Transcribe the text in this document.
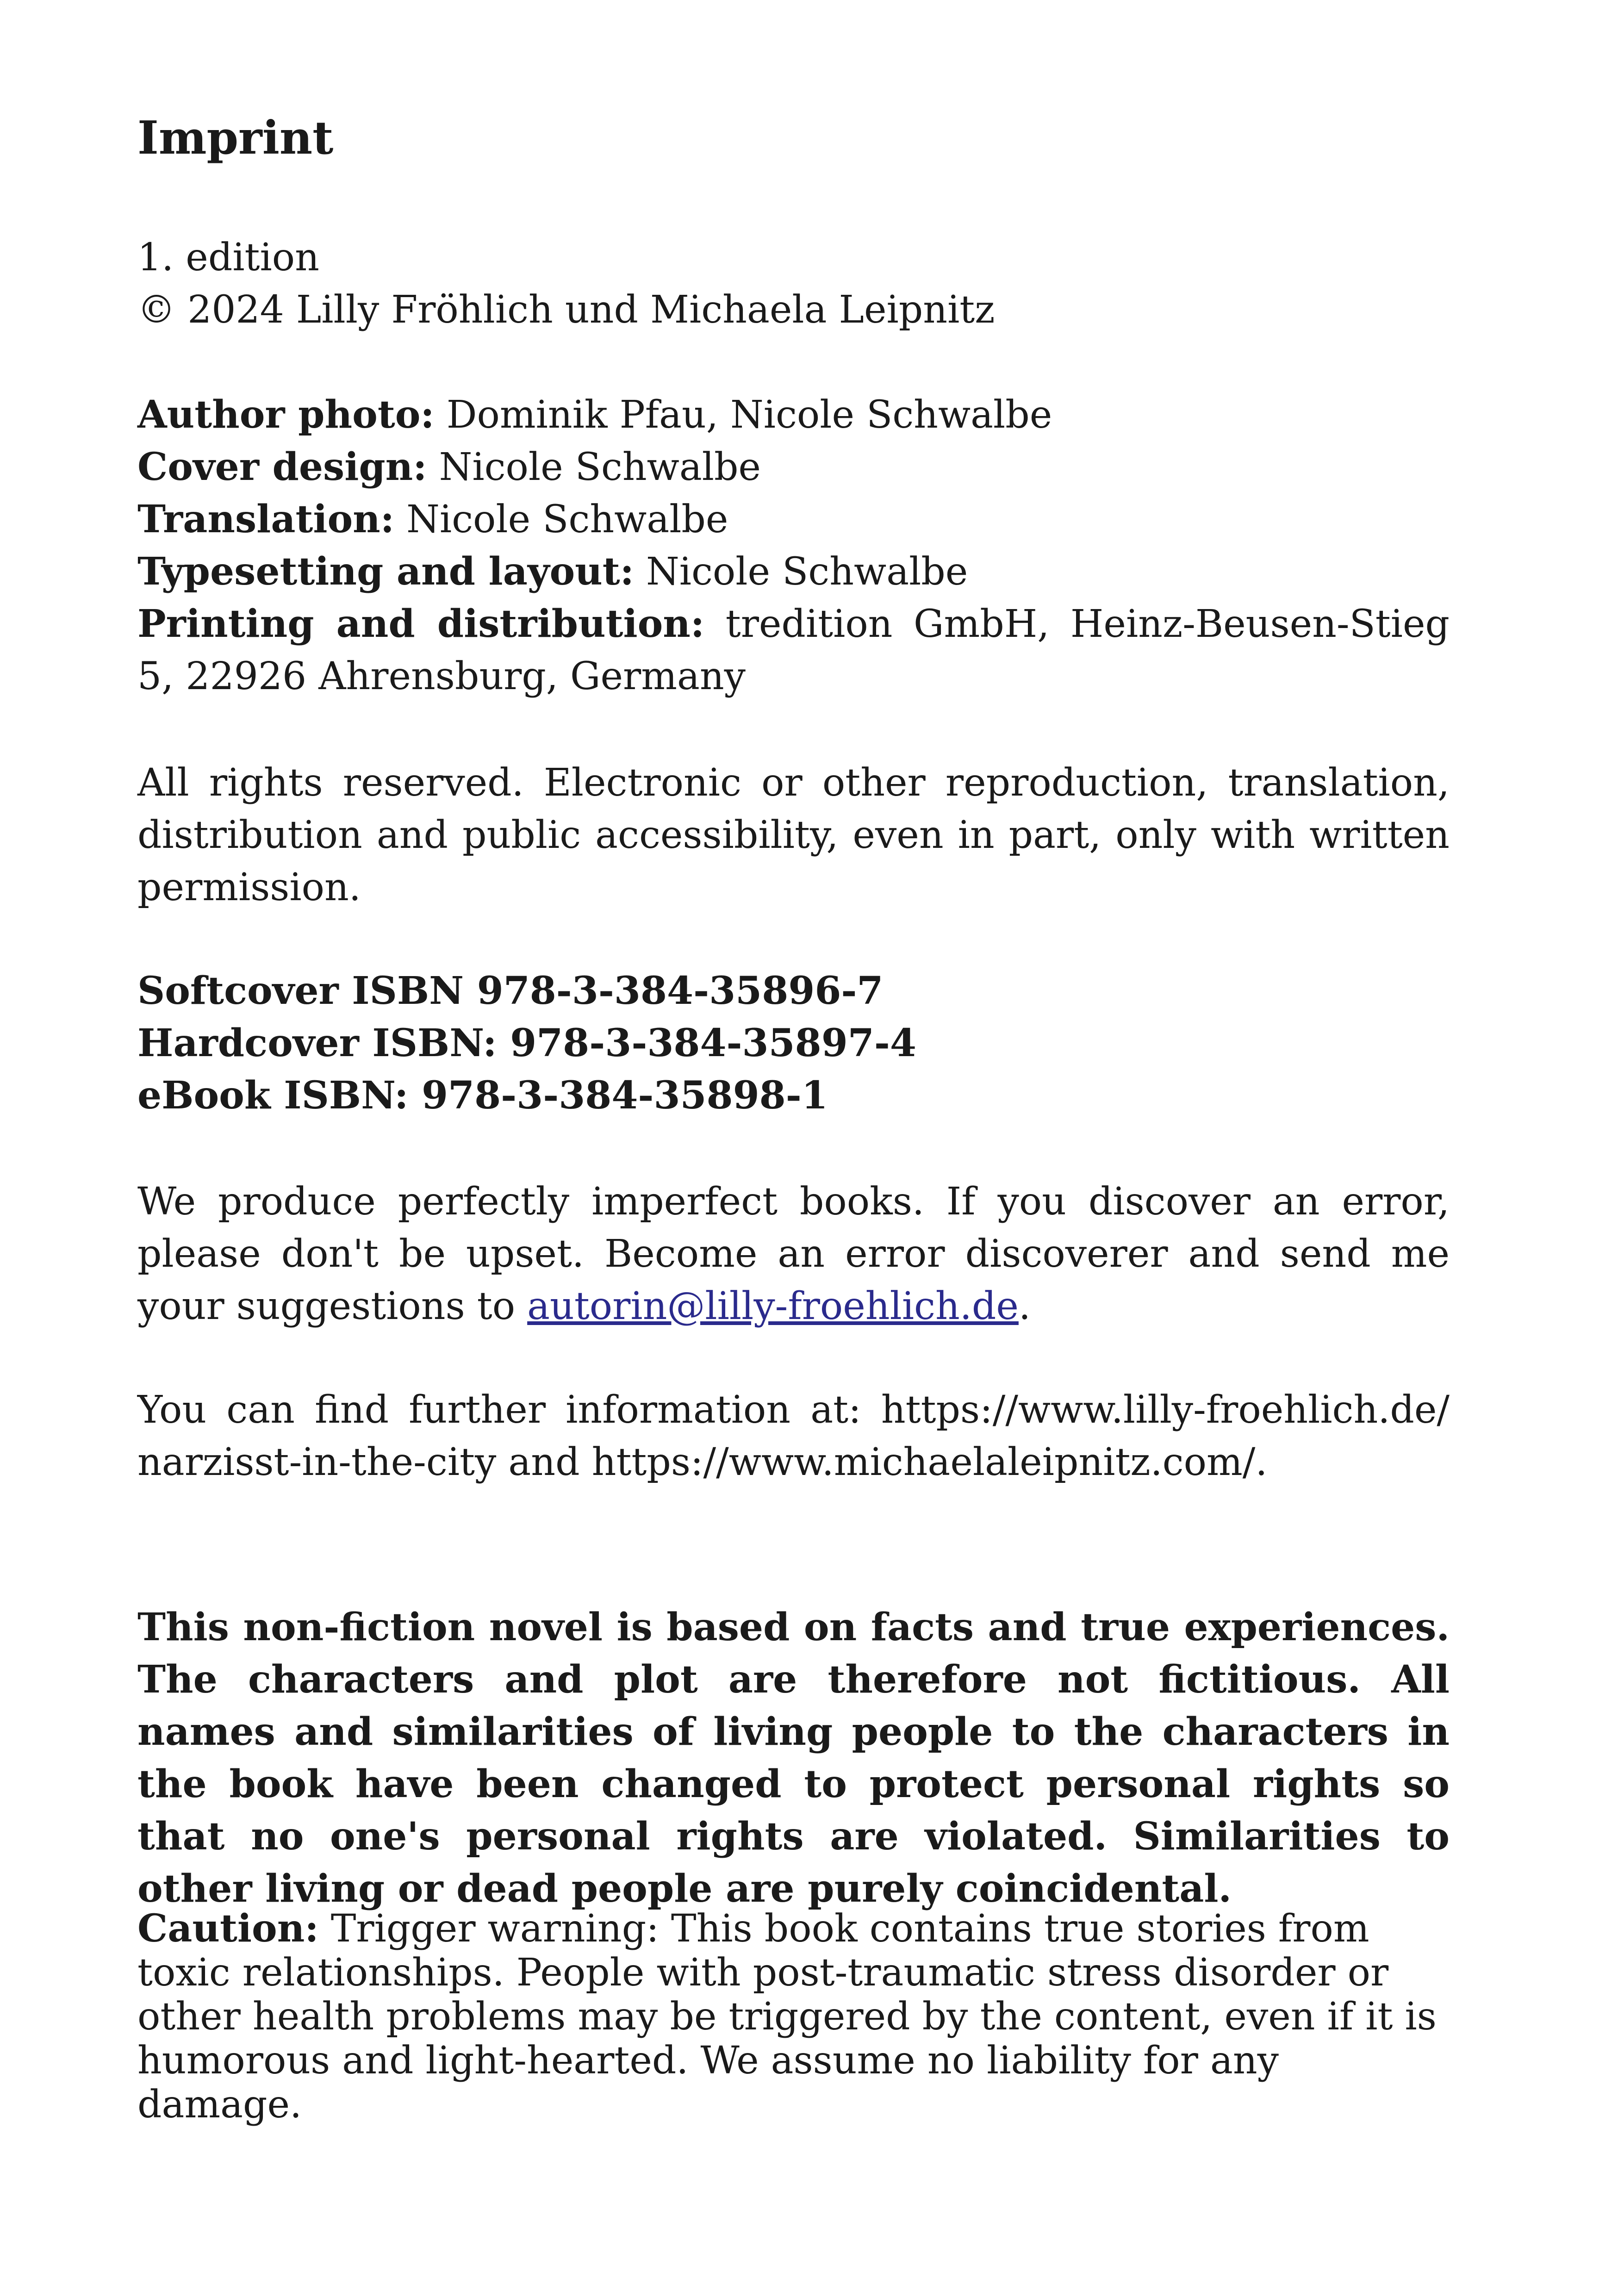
Imprint
1. edition
© 2024 Lilly Fröhlich und Michaela Leipnitz
Author photo: Dominik Pfau, Nicole Schwalbe
Cover design: Nicole Schwalbe
Translation: Nicole Schwalbe
Typesetting and layout: Nicole Schwalbe
Printing and distribution: tredition GmbH, Heinz-Beusen-Stieg 5, 22926 Ahrensburg, Germany

All rights reserved. Electronic or other reproduction, translation, distribution and public accessibility, even in part, only with written permission.

Softcover ISBN 978-3-384-35896-7
Hardcover ISBN: 978-3-384-35897-4
eBook ISBN: 978-3-384-35898-1

We produce perfectly imperfect books. If you discover an error, please don't be upset. Become an error discoverer and send me your suggestions to autorin@lilly-froehlich.de.

You can find further information at: https://www.lilly-froehlich.de/ narzisst-in-the-city and https://www.michaelaleipnitz.com/.

This non-fiction novel is based on facts and true experiences. The characters and plot are therefore not fictitious. All names and similarities of living people to the characters in the book have been changed to protect personal rights so that no one's personal rights are violated. Similarities to other living or dead people are purely coincidental.

Caution: Trigger warning: This book contains true stories from toxic relationships. People with post-traumatic stress disorder or other health problems may be triggered by the content, even if it is humorous and light-hearted. We assume no liability for any damage.
